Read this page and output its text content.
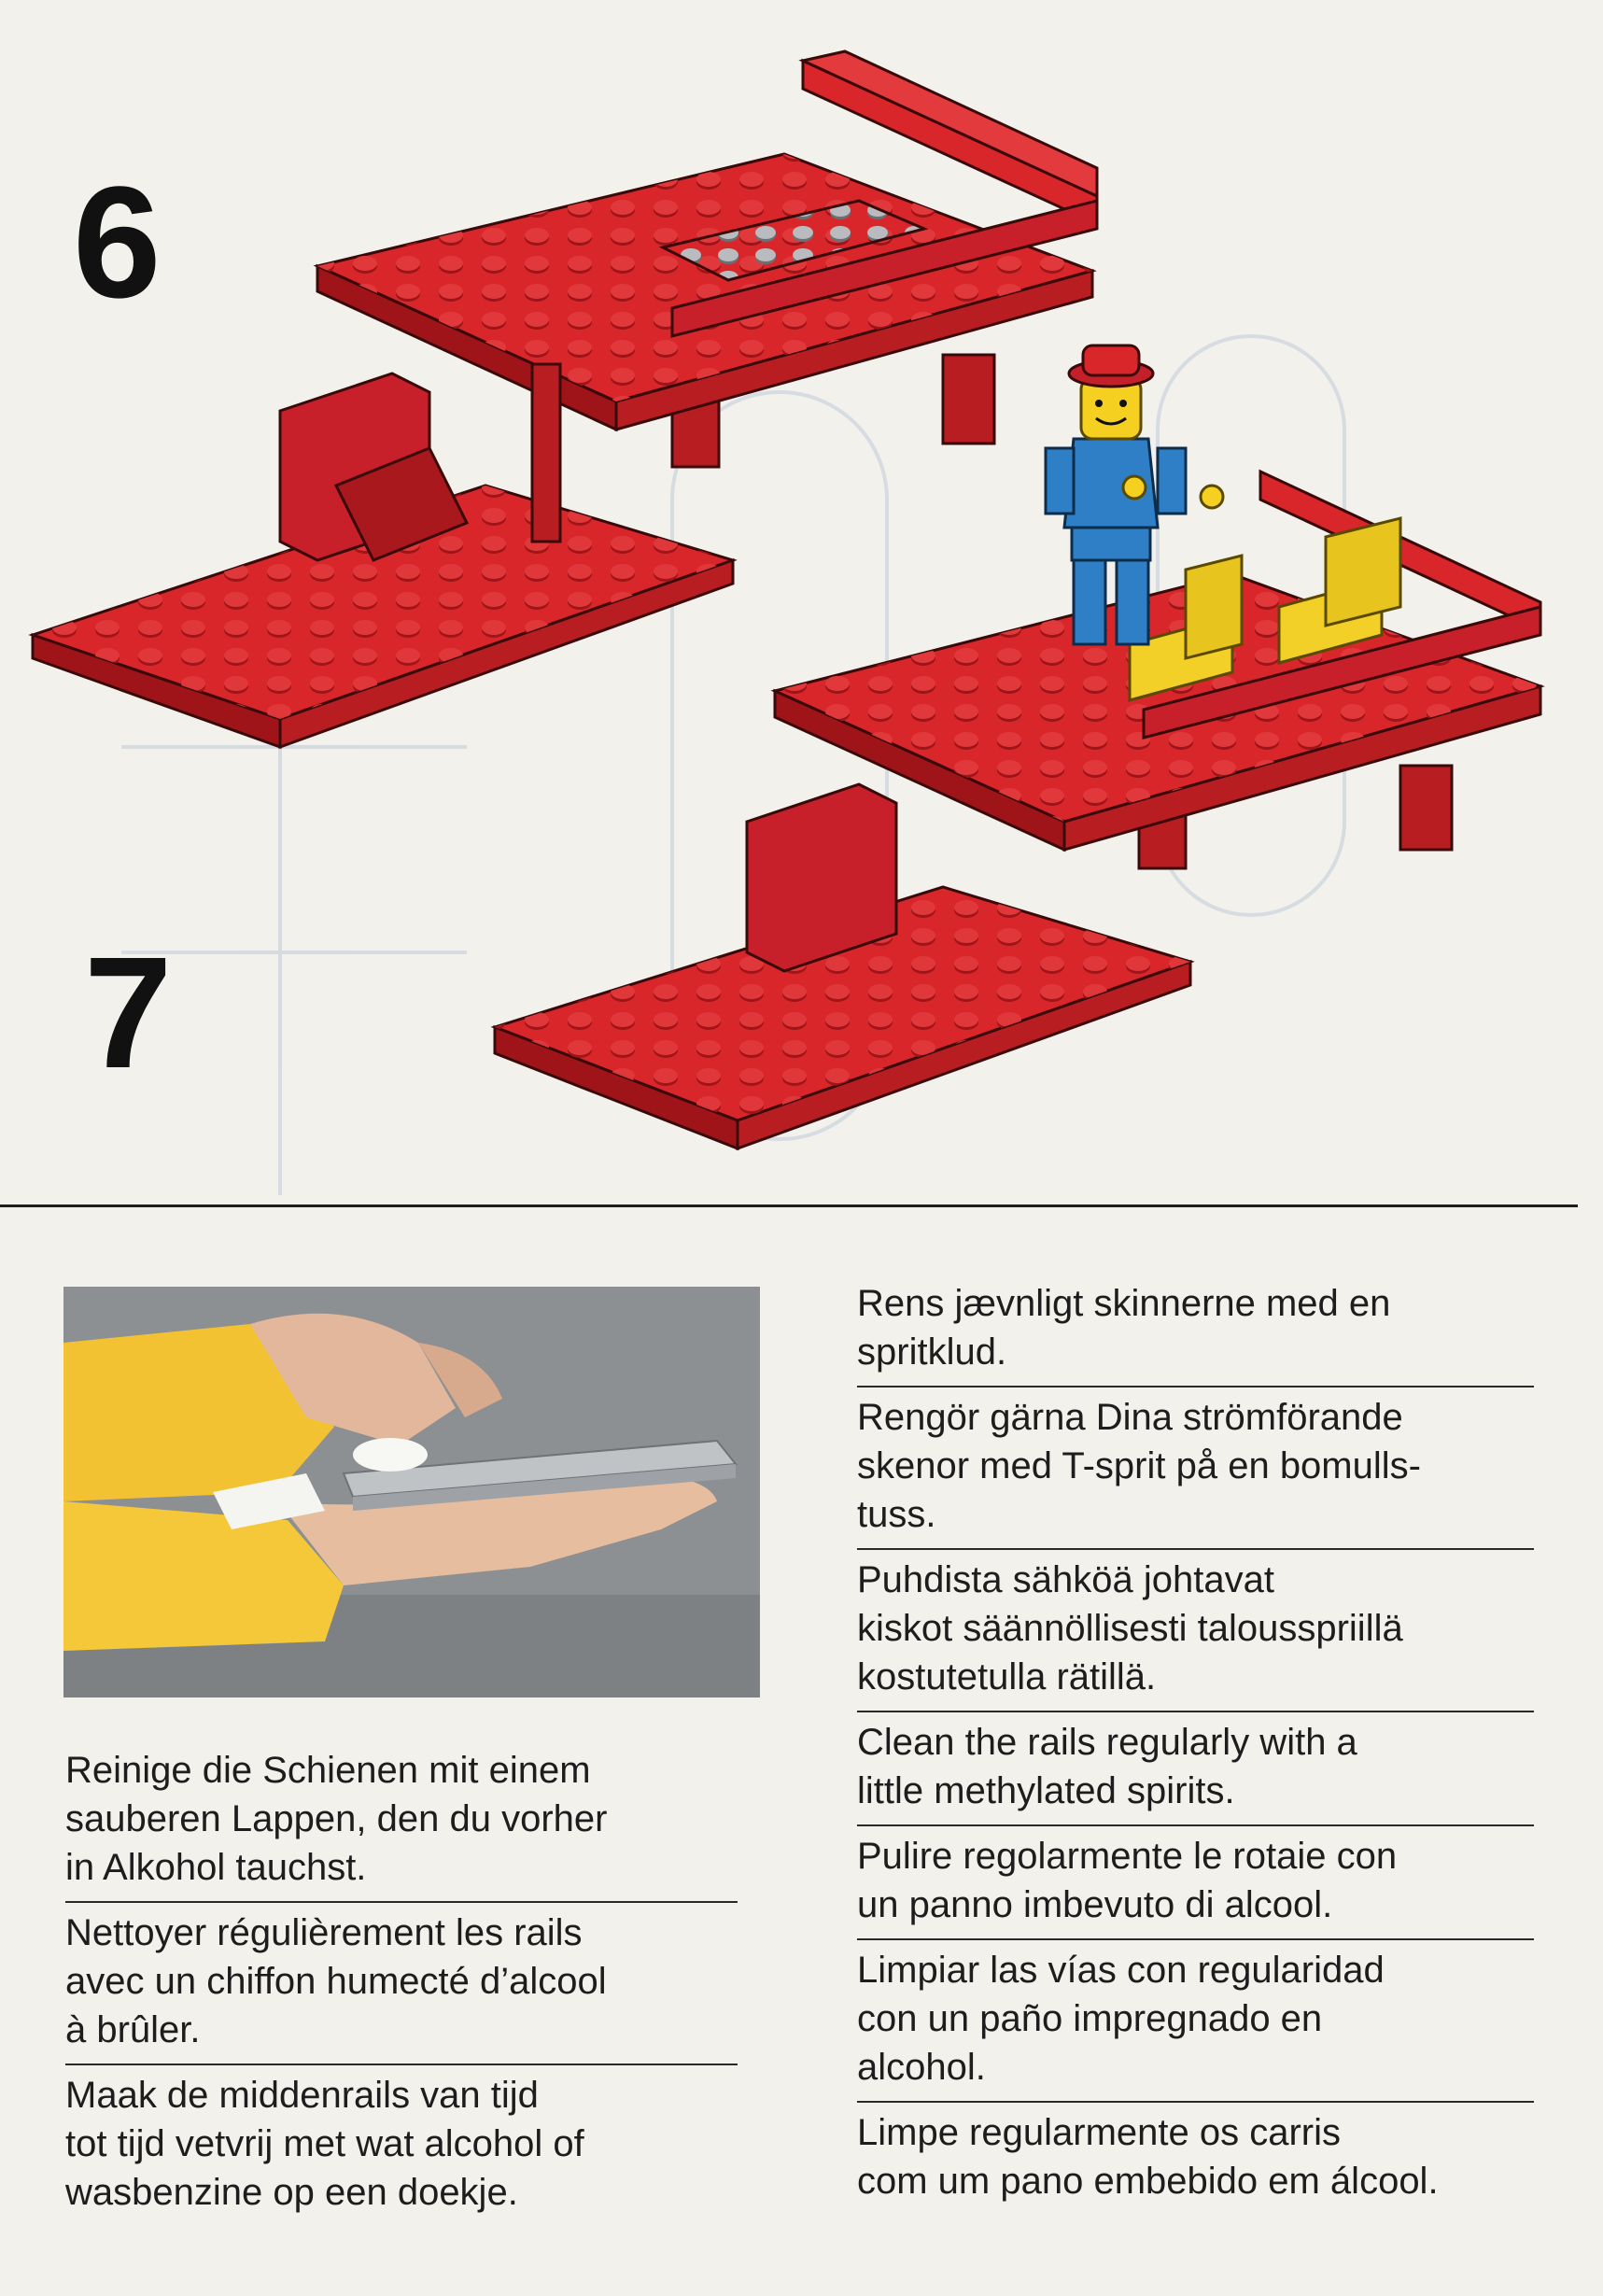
6
7
Reinige die Schienen mit einem
sauberen Lappen, den du vorher
in Alkohol tauchst.
Nettoyer régulièrement les rails
avec un chiffon humecté d’alcool
à brûler.
Maak de middenrails van tijd
tot tijd vetvrij met wat alcohol of
wasbenzine op een doekje.
Rens jævnligt skinnerne med en
spritklud.
Rengör gärna Dina strömförande
skenor med T-sprit på en bomulls-
tuss.
Puhdista sähköä johtavat
kiskot säännöllisesti talousspriillä
kostutetulla rätillä.
Clean the rails regularly with a
little methylated spirits.
Pulire regolarmente le rotaie con
un panno imbevuto di alcool.
Limpiar las vías con regularidad
con un paño impregnado en
alcohol.
Limpe regularmente os carris
com um pano embebido em álcool.
